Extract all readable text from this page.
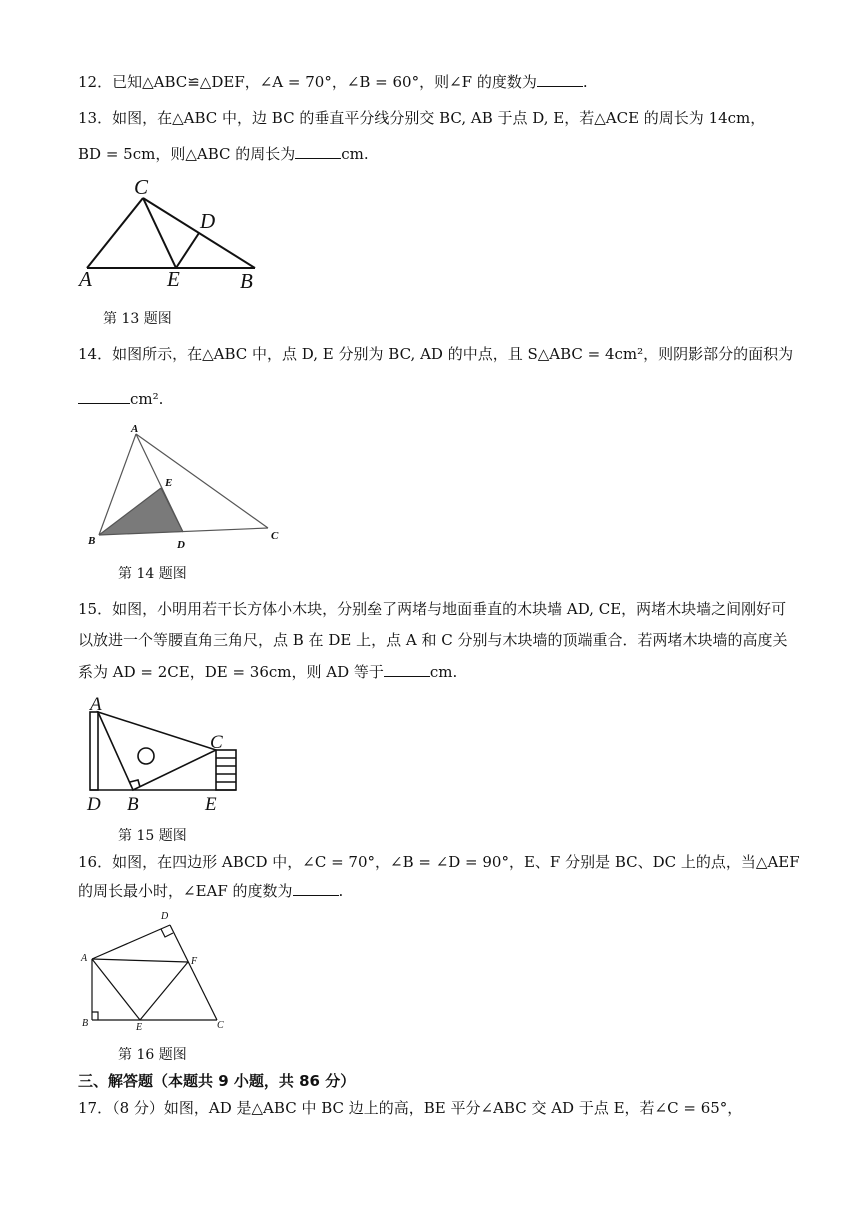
12．已知△ABC≌△DEF，∠A = 70°，∠B = 60°，则∠F 的度数为	.
13．如图，在△ABC 中，边 BC 的垂直平分线分别交 BC, AB 于点 D, E，若△ACE 的周长为 14cm，
BD = 5cm，则△ABC 的周长为	cm.
C
D
A	E	B
第 13 题图
14．如图所示，在△ABC 中，点 D, E 分别为 BC, AD 的中点，且 S△ABC = 4cm²，则阴影部分的面积为
cm².
A
E
B	D
C
第 14 题图
15．如图，小明用若干长方体小木块，分别垒了两堵与地面垂直的木块墙 AD, CE，两堵木块墙之间刚好可
以放进一个等腰直角三角尺，点 B 在 DE 上，点 A 和 C 分别与木块墙的顶端重合．若两堵木块墙的高度关
系为 AD = 2CE，DE = 36cm，则 AD 等于	cm.
A
C
D B	E
第 15 题图
16．如图，在四边形 ABCD 中，∠C = 70°，∠B = ∠D = 90°，E、F 分别是 BC、DC 上的点，当△AEF
的周长最小时，∠EAF 的度数为	.
D
A	F
B	E	C
第 16 题图
三、解答题（本题共 9 小题，共 86 分）
17．（8 分）如图，AD 是△ABC 中 BC 边上的高，BE 平分∠ABC 交 AD 于点 E，若∠C = 65°，
